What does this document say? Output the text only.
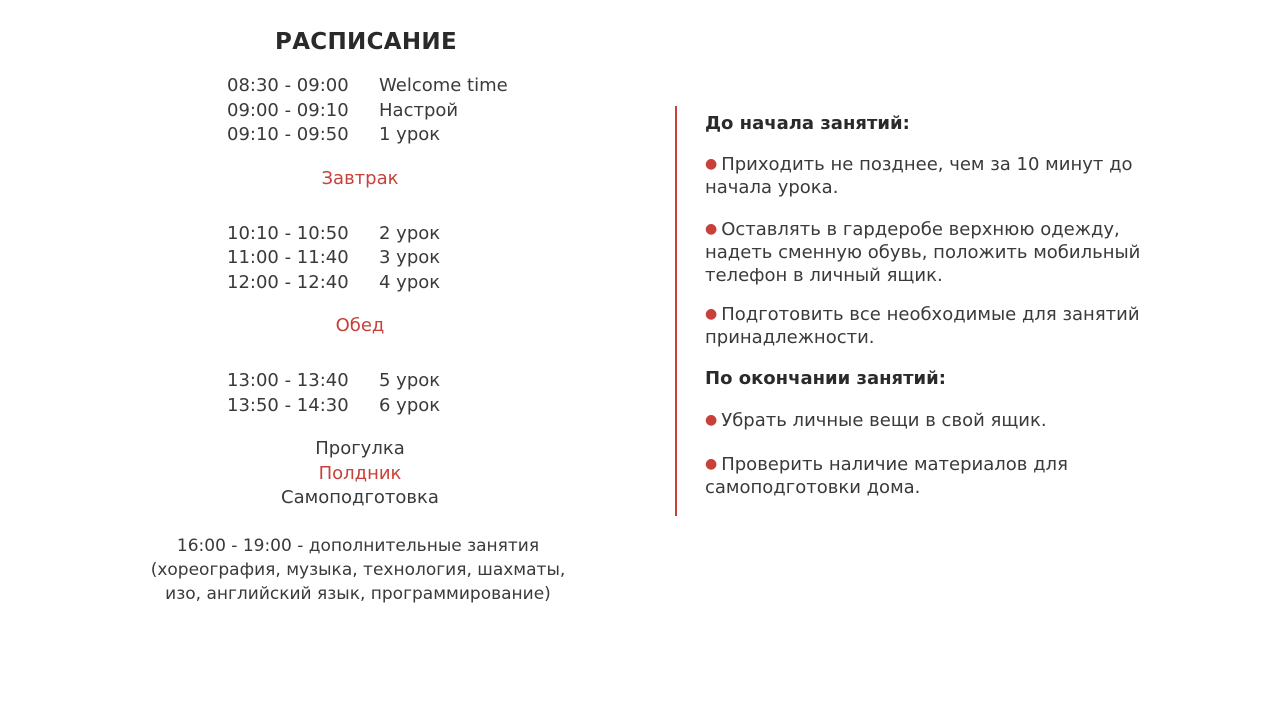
РАСПИСАНИЕ
08:30 - 09:00 Welcome time
09:00 - 09:10 Настрой
09:10 - 09:50 1 урок
Завтрак
10:10 - 10:50 2 урок
11:00 - 11:40 3 урок
12:00 - 12:40 4 урок
Обед
13:00 - 13:40 5 урок
13:50 - 14:30 6 урок
Прогулка
Полдник
Самоподготовка
16:00 - 19:00 - дополнительные занятия
(хореография, музыка, технология, шахматы,
изо, английский язык, программирование)
До начала занятий:
● Приходить не позднее, чем за 10 минут до начала урока.
● Оставлять в гардеробе верхнюю одежду, надеть сменную обувь, положить мобильный телефон в личный ящик.
● Подготовить все необходимые для занятий принадлежности.
По окончании занятий:
● Убрать личные вещи в свой ящик.
● Проверить наличие материалов для самоподготовки дома.
